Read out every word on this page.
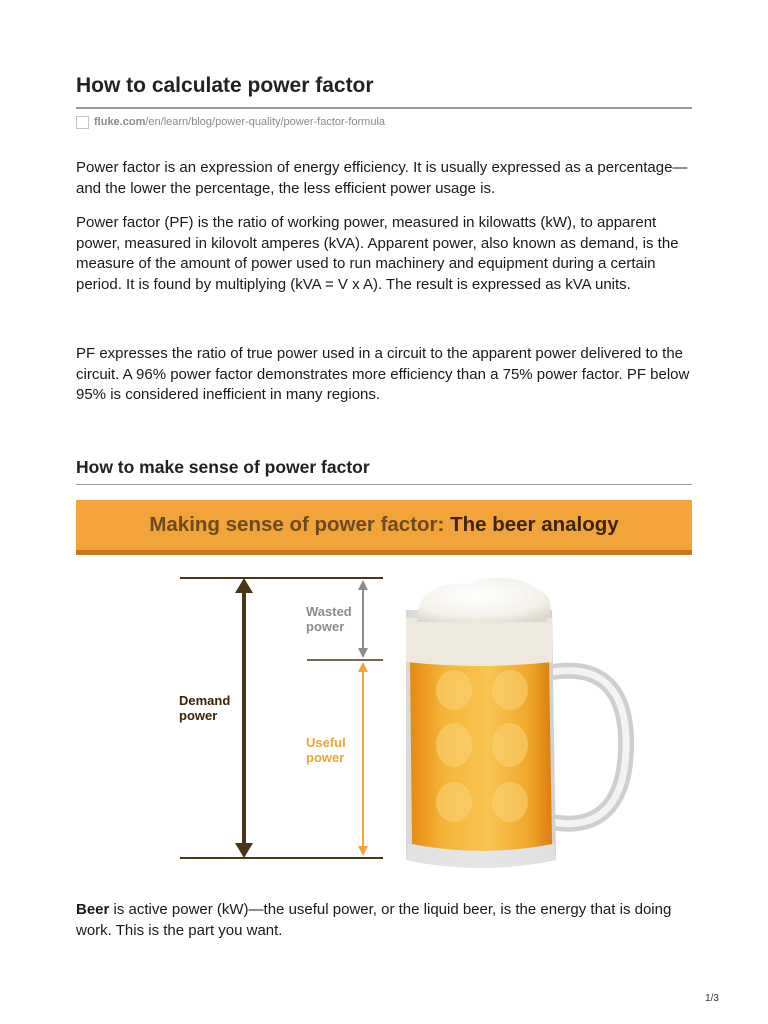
How to calculate power factor
fluke.com /en/learn/blog/power-quality/power-factor-formula

Power factor is an expression of energy efficiency. It is usually expressed as a percentage—and the lower the percentage, the less efficient power usage is.

Power factor (PF) is the ratio of working power, measured in kilowatts (kW), to apparent power, measured in kilovolt amperes (kVA). Apparent power, also known as demand, is the measure of the amount of power used to run machinery and equipment during a certain period. It is found by multiplying (kVA = V x A). The result is expressed as kVA units.

PF expresses the ratio of true power used in a circuit to the apparent power delivered to the circuit. A 96% power factor demonstrates more efficiency than a 75% power factor. PF below 95% is considered inefficient in many regions.

How to make sense of power factor
Making sense of power factor:
The beer analogy
Demand
power
Wasted
power
Useful
power

Beer is active power (kW)—the useful power, or the liquid beer, is the energy that is doing work. This is the part you want.

1/3
